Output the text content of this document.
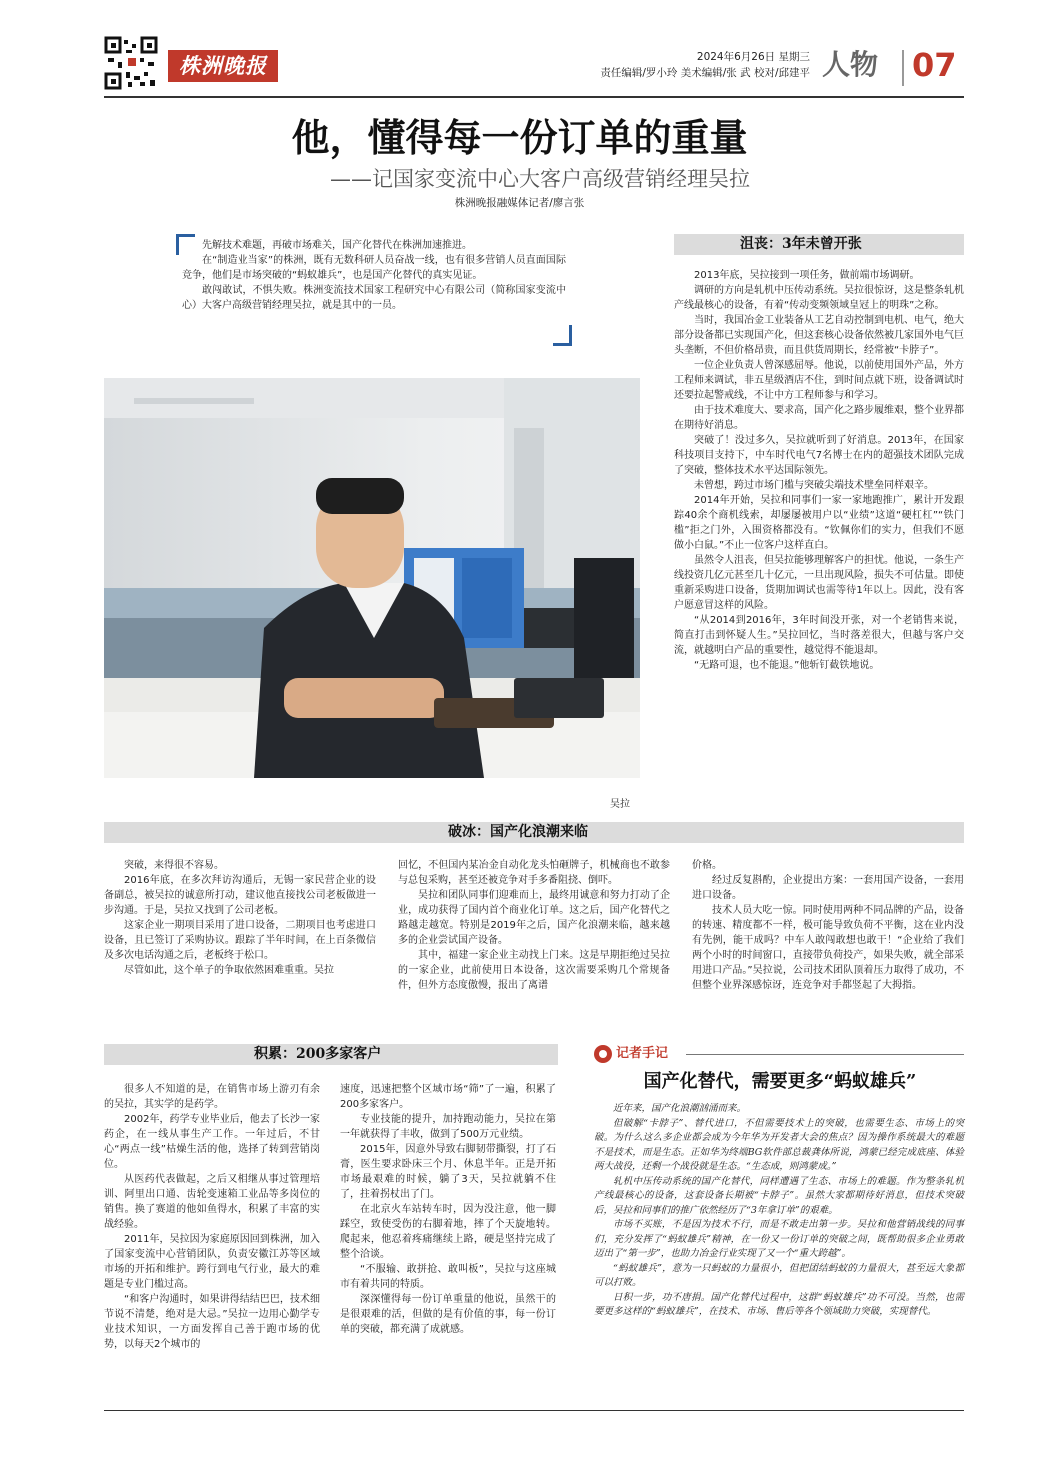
株洲晚报	2024年6月26日 星期三
责任编辑/罗小玲 美术编辑/张 武 校对/邱建平 人物	07
他，懂得每一份订单的重量
——记国家变流中心大客户高级营销经理吴拉
株洲晚报融媒体记者/廖言张

先解技术难题，再破市场难关，国产化替代在株洲加速推进。

在“制造业当家”的株洲，既有无数科研人员奋战一线，也有很多营销人员直面国际竞争，他们是市场突破的“蚂蚁雄兵”，也是国产化替代的真实见证。

敢闯敢试，不惧失败。株洲变流技术国家工程研究中心有限公司（简称国家变流中心）大客户高级营销经理吴拉，就是其中的一员。

吴拉
沮丧：3年未曾开张

2013年底，吴拉接到一项任务，做前端市场调研。

调研的方向是轧机中压传动系统。吴拉很惊讶，这是整条轧机产线最核心的设备，有着“传动变频领域皇冠上的明珠”之称。

当时，我国冶金工业装备从工艺自动控制到电机、电气，绝大部分设备都已实现国产化，但这套核心设备依然被几家国外电气巨头垄断，不但价格昂贵，而且供货周期长，经常被“卡脖子”。

一位企业负责人曾深感屈辱。他说，以前使用国外产品，外方工程师来调试，非五星级酒店不住，到时间点就下班，设备调试时还要拉起警戒线，不让中方工程师参与和学习。

由于技术难度大、要求高，国产化之路步履维艰，整个业界都在期待好消息。

突破了！没过多久，吴拉就听到了好消息。2013年，在国家科技项目支持下，中车时代电气7名博士在内的超强技术团队完成了突破，整体技术水平达国际领先。

未曾想，跨过市场门槛与突破尖端技术壁垒同样艰辛。

2014年开始，吴拉和同事们一家一家地跑推广，累计开发跟踪40余个商机线索，却屡屡被用户以“业绩”这道“硬杠杠”“铁门槛”拒之门外，入围资格都没有。“钦佩你们的实力，但我们不愿做小白鼠。”不止一位客户这样直白。

虽然令人沮丧，但吴拉能够理解客户的担忧。他说，一条生产线投资几亿元甚至几十亿元，一旦出现风险，损失不可估量。即使重新采购进口设备，货期加调试也需等待1年以上。因此，没有客户愿意冒这样的风险。

“从2014到2016年，3年时间没开张，对一个老销售来说，简直打击到怀疑人生。”吴拉回忆，当时落差很大，但越与客户交流，就越明白产品的重要性，越觉得不能退却。

“无路可退，也不能退。”他斩钉截铁地说。

破冰：国产化浪潮来临

突破，来得很不容易。

2016年底，在多次拜访沟通后，无锡一家民营企业的设备副总，被吴拉的诚意所打动，建议他直接找公司老板做进一步沟通。于是，吴拉又找到了公司老板。

这家企业一期项目采用了进口设备，二期项目也考虑进口设备，且已签订了采购协议。跟踪了半年时间，在上百条微信及多次电话沟通之后，老板终于松口。

尽管如此，这个单子的争取依然困难重重。吴拉

回忆，不但国内某冶金自动化龙头怕砸牌子，机械商也不敢参与总包采购，甚至还被竞争对手多番阻挠、倒吓。

吴拉和团队同事们迎难而上，最终用诚意和努力打动了企业，成功获得了国内首个商业化订单。这之后，国产化替代之路越走越宽。特别是2019年之后，国产化浪潮来临，越来越多的企业尝试国产设备。

其中，福建一家企业主动找上门来。这是早期拒绝过吴拉的一家企业，此前使用日本设备，这次需要采购几个常规备件，但外方态度傲慢，报出了离谱

价格。

经过反复斟酌，企业提出方案：一套用国产设备，一套用进口设备。

技术人员大吃一惊。同时使用两种不同品牌的产品，设备的转速、精度都不一样，极可能导致负荷不平衡，这在业内没有先例，能干成吗？中车人敢闯敢想也敢干！“企业给了我们两个小时的时间窗口，直接带负荷投产，如果失败，就全部采用进口产品。”吴拉说，公司技术团队顶着压力取得了成功，不但整个业界深感惊讶，连竞争对手都竖起了大拇指。

积累：200多家客户

很多人不知道的是，在销售市场上游刃有余的吴拉，其实学的是药学。

2002年，药学专业毕业后，他去了长沙一家药企，在一线从事生产工作。一年过后，不甘心“两点一线”枯燥生活的他，选择了转到营销岗位。

从医药代表做起，之后又相继从事过管理培训、阿里出口通、齿轮变速箱工业品等多岗位的销售。换了赛道的他如鱼得水，积累了丰富的实战经验。

2011年，吴拉因为家庭原因回到株洲，加入了国家变流中心营销团队，负责安徽江苏等区域市场的开拓和维护。跨行到电气行业，最大的难题是专业门槛过高。

“和客户沟通时，如果讲得结结巴巴，技术细节说不清楚，绝对是大忌。”吴拉一边用心勤学专业技术知识，一方面发挥自己善于跑市场的优势，以每天2个城市的

速度，迅速把整个区域市场“筛”了一遍，积累了200多家客户。

专业技能的提升，加持跑动能力，吴拉在第一年就获得了丰收，做到了500万元业绩。

2015年，因意外导致右脚韧带撕裂，打了石膏，医生要求卧床三个月、休息半年。正是开拓市场最艰难的时候，躺了3天，吴拉就躺不住了，拄着拐杖出了门。

在北京火车站转车时，因为没注意，他一脚踩空，致使受伤的右脚着地，摔了个天旋地转。爬起来，他忍着疼痛继续上路，硬是坚持完成了整个洽谈。

“不服输、敢拼抢、敢叫板”，吴拉与这座城市有着共同的特质。

深深懂得每一份订单重量的他说，虽然干的是很艰难的活，但做的是有价值的事，每一份订单的突破，都充满了成就感。

记者手记
国产化替代，需要更多“蚂蚁雄兵”

近年来，国产化浪潮汹涌而来。

但破解“卡脖子”、替代进口，不但需要技术上的突破，也需要生态、市场上的突破。为什么这么多企业都会成为今年华为开发者大会的焦点？因为操作系统最大的难题不是技术，而是生态。正如华为终端BG软件部总裁龚体所说，鸿蒙已经完成底座、体验两大战役，还剩一个战役就是生态。“生态成，则鸿蒙成。”

轧机中压传动系统的国产化替代，同样遭遇了生态、市场上的难题。作为整条轧机产线最核心的设备，这套设备长期被“卡脖子”。虽然大家都期待好消息，但技术突破后，吴拉和同事们的推广依然经历了“3年拿订单”的艰难。

市场不买账，不是因为技术不行，而是不敢走出第一步。吴拉和他营销战线的同事们，充分发挥了“蚂蚁雄兵”精神，在一份又一份订单的突破之间，既帮助很多企业勇敢迈出了“第一步”，也助力冶金行业实现了又一个“重大跨越”。

“蚂蚁雄兵”，意为一只蚂蚁的力量很小，但把团结蚂蚁的力量很大，甚至远大象都可以打败。

日积一步，功不唐捐。国产化替代过程中，这群“蚂蚁雄兵”功不可没。当然，也需要更多这样的“蚂蚁雄兵”，在技术、市场、售后等各个领域助力突破，实现替代。
